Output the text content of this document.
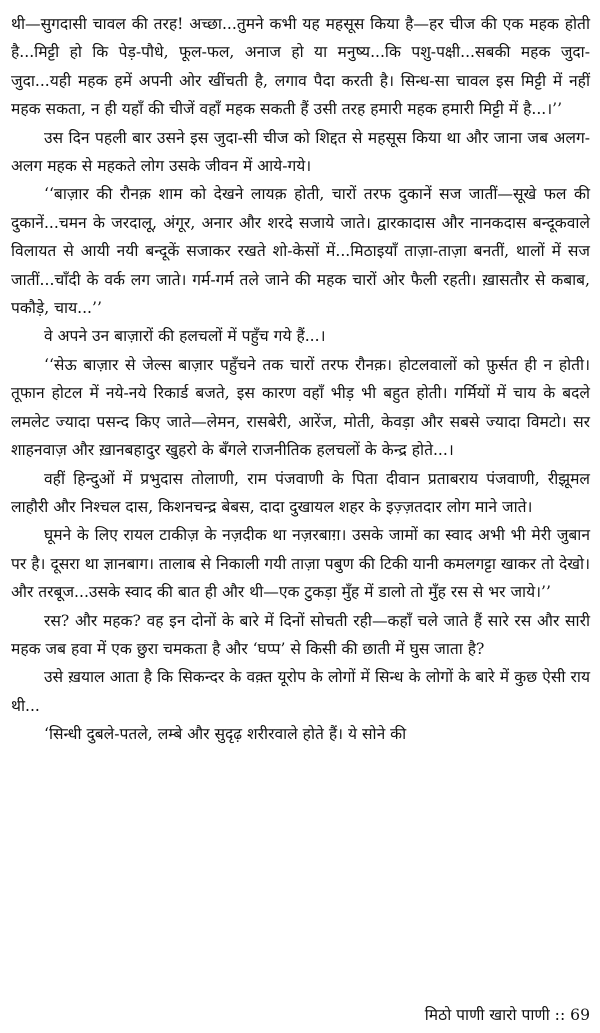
थी—सुगदासी चावल की तरह! अच्छा...तुमने कभी यह महसूस किया है—हर चीज की एक महक होती है...मिट्टी हो कि पेड़-पौधे, फूल-फल, अनाज हो या मनुष्य...कि पशु-पक्षी...सबकी महक जुदा-जुदा...यही महक हमें अपनी ओर खींचती है, लगाव पैदा करती है। सिन्ध-सा चावल इस मिट्टी में नहीं महक सकता, न ही यहाँ की चीजें वहाँ महक सकती हैं उसी तरह हमारी महक हमारी मिट्टी में है...।’’

उस दिन पहली बार उसने इस जुदा-सी चीज को शिद्दत से महसूस किया था और जाना जब अलग-अलग महक से महकते लोग उसके जीवन में आये-गये।

‘‘बाज़ार की रौनक़ शाम को देखने लायक़ होती, चारों तरफ दुकानें सज जातीं—सूखे फल की दुकानें...चमन के जरदालू, अंगूर, अनार और शरदे सजाये जाते। द्वारकादास और नानकदास बन्दूकवाले विलायत से आयी नयी बन्दूकें सजाकर रखते शो-केसों में...मिठाइयाँ ताज़ा-ताज़ा बनतीं, थालों में सज जातीं...चाँदी के वर्क लग जाते। गर्म-गर्म तले जाने की महक चारों ओर फैली रहती। ख़ासतौर से कबाब, पकौड़े, चाय...’’

वे अपने उन बाज़ारों की हलचलों में पहुँच गये हैं...।

‘‘सेऊ बाज़ार से जेल्स बाज़ार पहुँचने तक चारों तरफ रौनक़। होटलवालों को फ़ुर्सत ही न होती। तूफान होटल में नये-नये रिकार्ड बजते, इस कारण वहाँ भीड़ भी बहुत होती। गर्मियों में चाय के बदले लमलेट ज्यादा पसन्द किए जाते—लेमन, रासबेरी, आरेंज, मोती, केवड़ा और सबसे ज्यादा विमटो। सर शाहनवाज़ और ख़ानबहादुर खुहरो के बँगले राजनीतिक हलचलों के केन्द्र होते...।

वहीं हिन्दुओं में प्रभुदास तोलाणी, राम पंजवाणी के पिता दीवान प्रताबराय पंजवाणी, रीझूमल लाहौरी और निश्चल दास, किशनचन्द्र बेबस, दादा दुखायल शहर के इज़्ज़तदार लोग माने जाते।

घूमने के लिए रायल टाकीज़ के नज़दीक था नज़रबाग़। उसके जामों का स्वाद अभी भी मेरी जुबान पर है। दूसरा था ज्ञानबाग। तालाब से निकाली गयी ताज़ा पबुण की टिकी यानी कमलगट्टा खाकर तो देखो। और तरबूज...उसके स्वाद की बात ही और थी—एक टुकड़ा मुँह में डालो तो मुँह रस से भर जाये।’’

रस? और महक? वह इन दोनों के बारे में दिनों सोचती रही—कहाँ चले जाते हैं सारे रस और सारी महक जब हवा में एक छुरा चमकता है और ‘घप्प’ से किसी की छाती में घुस जाता है?

उसे ख़याल आता है कि सिकन्दर के वक़्त यूरोप के लोगों में सिन्ध के लोगों के बारे में कुछ ऐसी राय थी...

‘सिन्धी दुबले-पतले, लम्बे और सुदृढ़ शरीरवाले होते हैं। ये सोने की

मिठो पाणी खारो पाणी :: 69
